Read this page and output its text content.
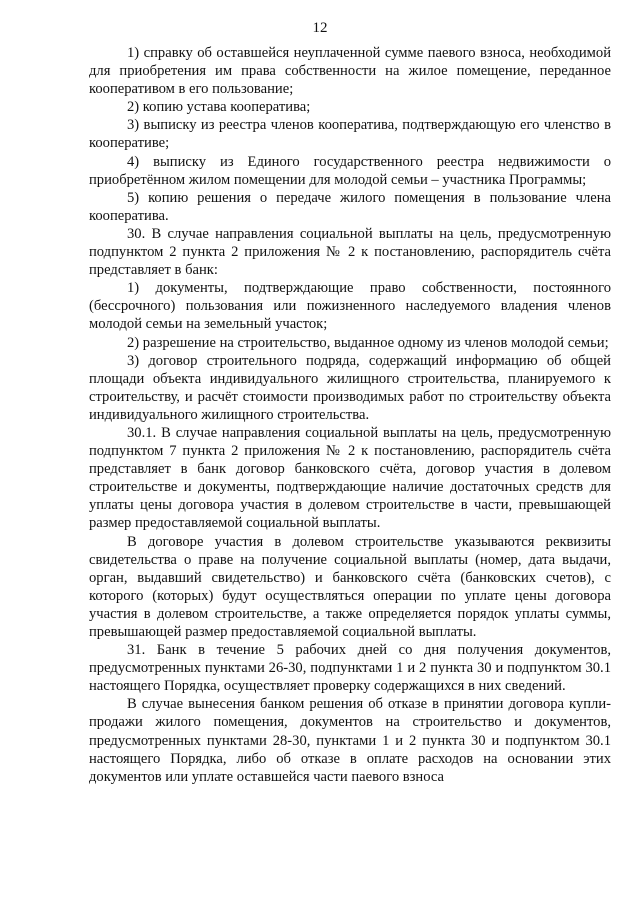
12

1) справку об оставшейся неуплаченной сумме паевого взноса, необходимой для приобретения им права собственности на жилое помещение, переданное кооперативом в его пользование;

2) копию устава кооператива;

3) выписку из реестра членов кооператива, подтверждающую его членство в кооперативе;

4) выписку из Единого государственного реестра недвижимости о приобретённом жилом помещении для молодой семьи – участника Программы;

5) копию решения о передаче жилого помещения в пользование члена кооператива.

30. В случае направления социальной выплаты на цель, предусмотренную подпунктом 2 пункта 2 приложения № 2 к постановлению, распорядитель счёта представляет в банк:

1) документы, подтверждающие право собственности, постоянного (бессрочного) пользования или пожизненного наследуемого владения членов молодой семьи на земельный участок;

2) разрешение на строительство, выданное одному из членов молодой семьи;

3) договор строительного подряда, содержащий информацию об общей площади объекта индивидуального жилищного строительства, планируемого к строительству, и расчёт стоимости производимых работ по строительству объекта индивидуального жилищного строительства.

30.1. В случае направления социальной выплаты на цель, предусмотренную подпунктом 7 пункта 2 приложения № 2 к постановлению, распорядитель счёта представляет в банк договор банковского счёта, договор участия в долевом строительстве и документы, подтверждающие наличие достаточных средств для уплаты цены договора участия в долевом строительстве в части, превышающей размер предоставляемой социальной выплаты.

В договоре участия в долевом строительстве указываются реквизиты свидетельства о праве на получение социальной выплаты (номер, дата выдачи, орган, выдавший свидетельство) и банковского счёта (банковских счетов), с которого (которых) будут осуществляться операции по уплате цены договора участия в долевом строительстве, а также определяется порядок уплаты суммы, превышающей размер предоставляемой социальной выплаты.

31. Банк в течение 5 рабочих дней со дня получения документов, предусмотренных пунктами 26-30, подпунктами 1 и 2 пункта 30 и подпунктом 30.1 настоящего Порядка, осуществляет проверку содержащихся в них сведений.

В случае вынесения банком решения об отказе в принятии договора купли-продажи жилого помещения, документов на строительство и документов, предусмотренных пунктами 28-30, пунктами 1 и 2 пункта 30 и подпунктом 30.1 настоящего Порядка, либо об отказе в оплате расходов на основании этих документов или уплате оставшейся части паевого взноса
